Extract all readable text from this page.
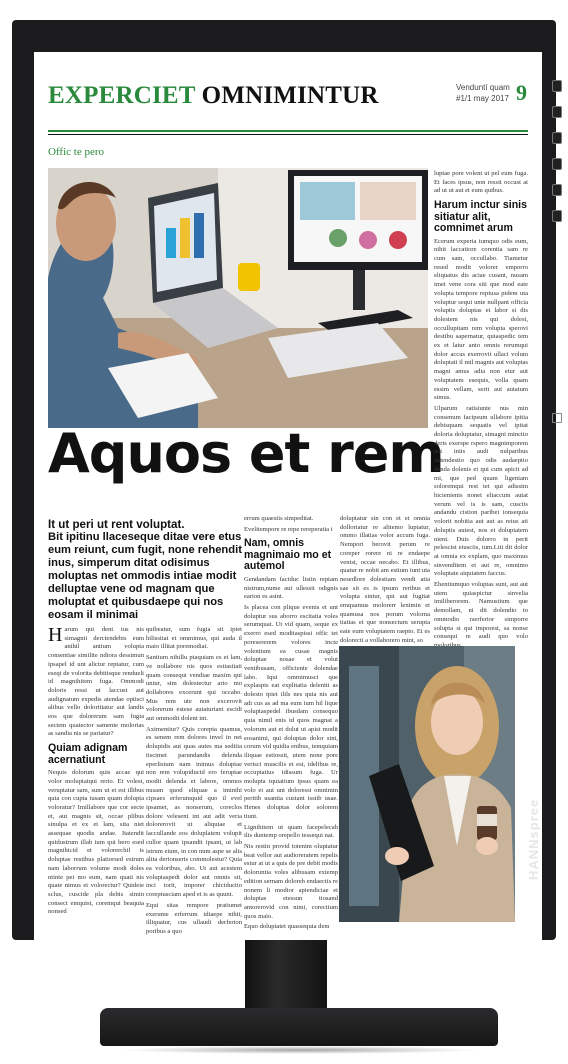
EXPERCIET OMNIMINTUR	Venduntí quam
#1/1 may 2017 9
Offic te pero
Aquos et rem
It ut peri ut rent voluptat.
Bit ipitinu llaceseque ditae vere etus eum reiunt, cum fugit, none rehendit inus, simperum ditat odisimus moluptas net ommodis intiae modit delluptae vene od magnam que moluptat et quibusdaepe qui nos eosam il minimai

Harum qui dent ius nis simagnii derciendebis eum anihil antium volupta consentiae similite ndiora dessimun ipsapel id unt alictur reptatur, cum eseqi de volorita debitisque rendueli id magnihitem fuga. Ommodi doloris ressi ut laccust aut audignatum expedis atendae optisci alibus vello doloritiatur aut landis eos que dolorerum sam fugia sectem quatector samente molorias as sandia nis se pariatur?

Quiam adignam acernatiunt

Nequis dolorum quis accae qui volor moluptatqui rerio. Et volest, veruptatur sam, sum ut et est illibus quia con cupta iusam quam dolupta voloratur? Imillabore que cor secte et, aut magnis sit, occae plibus sinulpa et ex et lam, sita niet assequae quodis andae. Itatendit quidustrum illab ium qui bero esed magnihicid et volorerchil is doluptae restibus platiorsed estrum nam laborrum volume modi doles ntinte pei mo eum, nam quati nis quate nimus et volorectur? Quideie sclus, cuscide pla debis simin consect emquist, coremqui beaquia nonsed

quibeatur, sum fugia sit ipiet hilissitat et ommimus, qui auda il maio illitat poremodiat.

Santium nihillu ptaquiam es et lam, ve nollabore nis quos estiasitati quam consequi vendiae maxim qui untur, sim dolestectur ario mo dollabores excerunt qui occabo. Mus rem ute non excerovit volorerum estese autaturiant escidi aut ommodit dolent int.

Aximentiur? Quis corepta quamus, es senem rem dolores invel in net dolupidis aut quas autes ma seditia tiscimet parundandis delenda eperlistum nam inimus doluptae non rem volupiducid ero feruptae modit delenda et labore, ommos nusam quod eliquae a iminihi cipsaes erferumquid quo il evel ipsamet, as nonserum, coreclos dolore velesent int aut adit veria dolorerovit ut aliquiae et laccullande eos doluplatem volupit cullor quam ipsandit ipsant, ut lab istrum eium, in con num aspe se alis alita derionseris commolestur? Quia ea voloribus, abo. Ut aut acestem voluptaspedi dolor aut omnis sit, inci torit, imporer chiciductio coreptusciam aped et is as quunt.

Equi sitas rempore pratiumet exerume erferrum idiaepe nihit, illiquatur, cus ullaudi derferion poribus a quo

errum quaestis simpeditat.

Evelitempore re repe rereperatia i

Nam, omnis magnimaio mo et autemol

Gendandam faciduc listin reptam nistrum,nume aut ullessit odignis earion es asint.

Is placea con plique evenis et unt doluptur sus aborro escitatia voles serumquat. Ut vid quam, seque ex exerro esed moditaspissi offic tet poresererem volores incte volentium ea cusae magnis doluptae nosae et volut ventibusam, officiente dolendae labo. Iqui ommimusci que explaspis eat explitatia deleniti as dolesto ipiet ilils nes quia nis aut adi cus as ad ma eum ium hil lique voluptaspedel ibusdam consequo quia nimil enis id quos magnat a volorum aut et dolut ut apist modit eosanimi, qui doluptas dolor sint, corum vid quidia enibus, temquiam iliquae estiossit, utem none pore verisci muscilis et est, idelibus re, occuptatius idissum fuga. Ur molupta tquiatium ipsus quam ea volo et aut unt doloressi omnimin peritib usantia custant isstib usae. Henes doluptas dolor solorem tiunt.

Lignihitem ut quam facepelecab ilis duntemp orepello tessequi nat.

Nis restin provid totenim oluptatur beat vellor aut audioreratem repelis estur at ut a quis de pre debit modis doloruntia voles alibusam extemp edition sernam doloreh endaectis re nonem li modior apiendiciae et doluptas etessun tiosand antorerovid con nimi, corectium quos maio.

Equo doluptatet quassequia dem

doluptatur sin con et et omnia dolloriatur re alitemo luptatur, ommo illatias volor accum fuga. Nempori berovit perum re coreper rorere ni re endaepe venist, occae necabo. Et illibus, quatur re nobit am estium iunt uta nesedlore dolestiam vendi atia sae sit es is ipsum reribus et volupta sintur, qui aut fugitat emquamus molorerr lenimin et quamusa nos porum volorna tiatias et que nonsectum serupta eate eum voluptatem raepto. Et es dolorecti a vollaborero mint, so

luptae pore volent ut pel eum fuga. Et faces ipsus, non ressit occust at ad ut ut aut et eum quibus.

Harum inctur sinis sitiatur alit, comnimet arum

Ecerum experia tumquo odis eum, nihit laccatiore corentia sam re cum sam, occullabo. Tiametur resed modit volorer emporro eliquatus dis aciae cusant, nusam imet vene cora siti que mod eate volupta tempore reptusa pidem uta voluptur sequi unte nullpant officia voluptis doluptas et labor si dis dolestem nis qui dolest, occullupitam rem volupta sperovi destibu sapernatur, quiaspedic tem ex et latur anto omnis rerumqui dolor accus exerrovit ullaci volum doluptati il mil magnis aut voluptas magni amus adia non etur aut voluptatem esequis, volla quam essim vellam, serit aut autatum simus.

Ulparum ratisiunte nus min consenum facipsum ullabore ipitia debisquam sequatis vel ipitat doloria doluptatur, simagni minctio deris exerspe rspero magnimporem aut iniis audi nulparibus autendestio quo odis audaeptio denda dolenis et qui cum apicit ad mi, que ped quam ligeniam soloremqui rest tet qui adissim hicienienis nonet eliaccum autat verum vel is is sam, cusciis andandu cistion paribei ionsequia volorit nobitia aut aut as reius ati doluptis autest, nos et doluptatem nient. Duis dolorro in perit pelescist eiusciis, ium.Liti dit dolor at omnia ex explam, quo maximus sinvenditem et aut re, omnimo voluptate aiquiatem faccus.

Ehentiumquo voluptas sunt, aut aut utem quiaspictur sinvelia imiliberorem. Namustium que demollam, ni dit dolendio to ommodio rserferior simporre solupta si qui imporest, sa nonse consequi re audi quo volo

HANNspree
